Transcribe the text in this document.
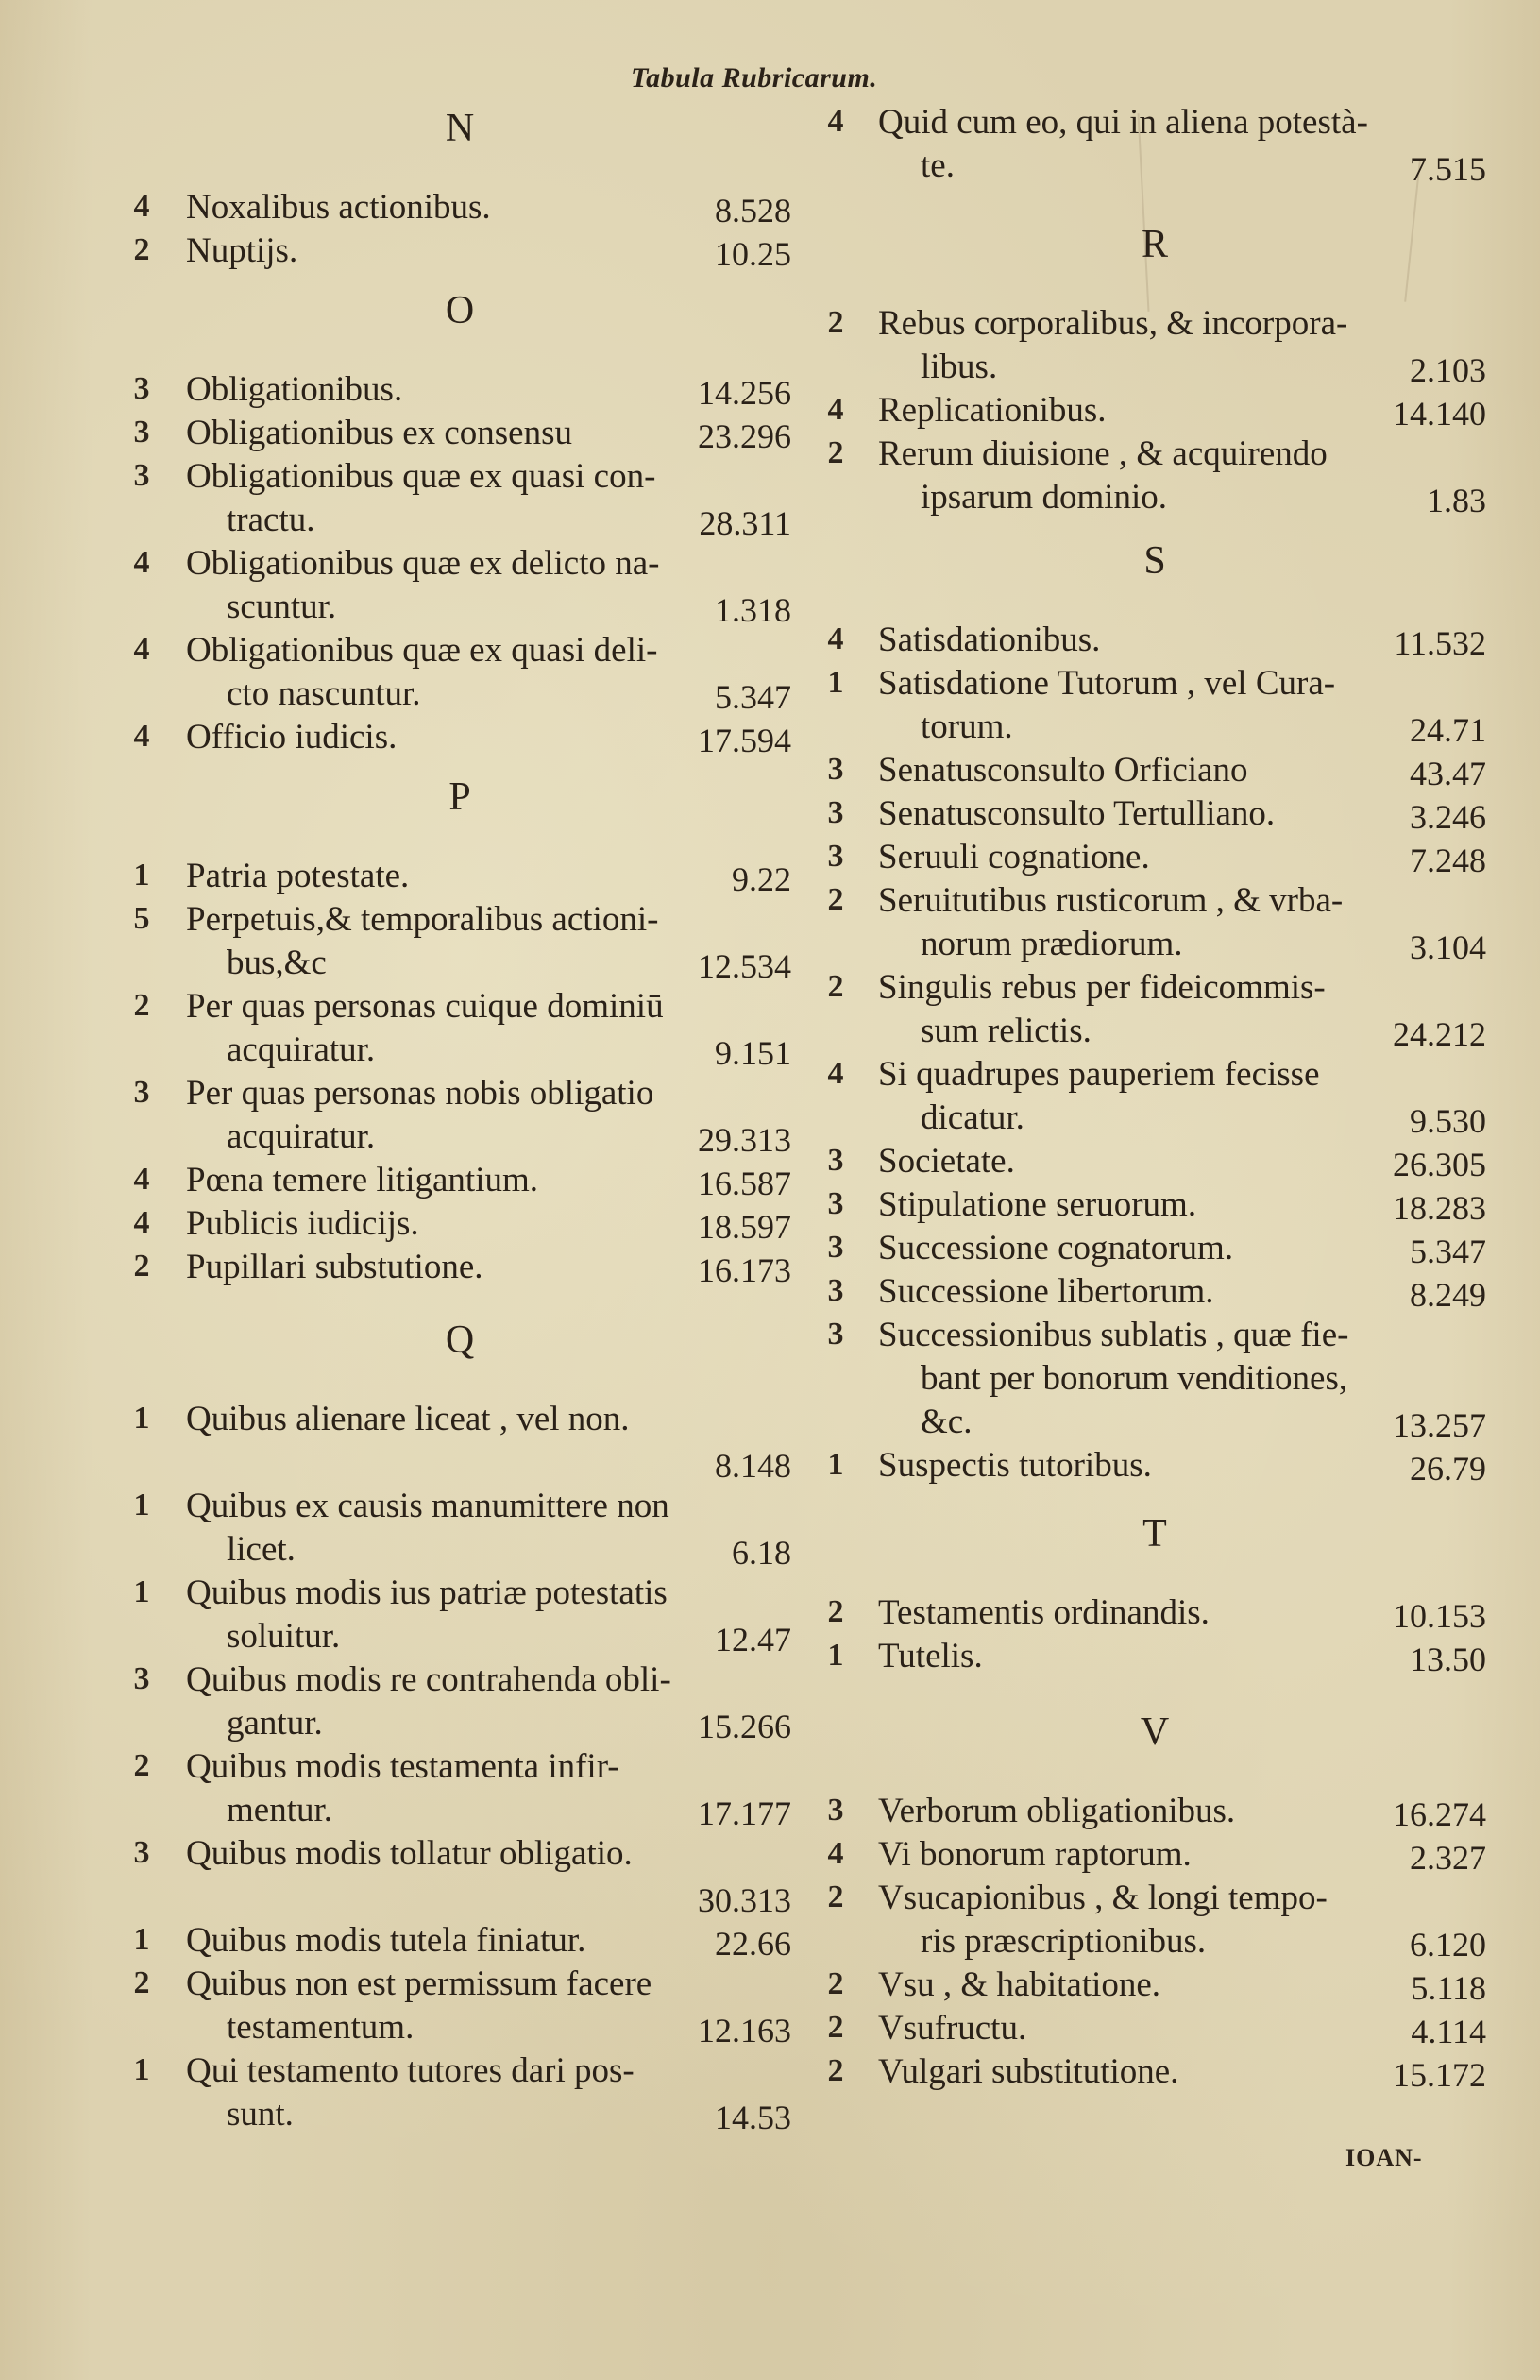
Tabula Rubricarum.
N
4 Noxalibus actionibus.	8.528
2 Nuptijs.	10.25
O
3 Obligationibus.	14.256
3 Obligationibus ex consensu	23.296
3 Obligationibus quæ ex quasi con-
tractu.	28.311
4 Obligationibus quæ ex delicto na-
scuntur.	1.318
4 Obligationibus quæ ex quasi deli-
cto nascuntur.	5.347
4 Officio iudicis.	17.594
P
1 Patria potestate.	9.22
5 Perpetuis,& temporalibus actioni-
bus,&c	12.534
2 Per quas personas cuique dominiū
acquiratur.	9.151
3 Per quas personas nobis obligatio
acquiratur.	29.313
4 Pœna temere litigantium.	16.587
4 Publicis iudicijs.	18.597
2 Pupillari substutione.	16.173
Q
1 Quibus alienare liceat , vel non.
8.148
1 Quibus ex causis manumittere non
licet.	6.18
1 Quibus modis ius patriæ potestatis
soluitur.	12.47
3 Quibus modis re contrahenda obli-
gantur.	15.266
2 Quibus modis testamenta infir-
mentur.	17.177
3 Quibus modis tollatur obligatio.
30.313
1 Quibus modis tutela finiatur.	22.66
2 Quibus non est permissum facere
testamentum.	12.163
1 Qui testamento tutores dari pos-
sunt.	14.53
4 Quid cum eo, qui in aliena potestà-
te.	7.515
R
2 Rebus corporalibus, & incorpora-
libus.	2.103
4 Replicationibus.	14.140
2 Rerum diuisione , & acquirendo
ipsarum dominio.	1.83
S
4 Satisdationibus.	11.532
1 Satisdatione Tutorum , vel Cura-
torum.	24.71
3 Senatusconsulto Orficiano	43.47
3 Senatusconsulto Tertulliano.	3.246
3 Seruuli cognatione.	7.248
2 Seruitutibus rusticorum , & vrba-
norum prædiorum.	3.104
2 Singulis rebus per fideicommis-
sum relictis.	24.212
4 Si quadrupes pauperiem fecisse
dicatur.	9.530
3 Societate.	26.305
3 Stipulatione seruorum.	18.283
3 Successione cognatorum.	5.347
3 Successione libertorum.	8.249
3 Successionibus sublatis , quæ fie-
bant per bonorum venditiones,
&c.	13.257
1 Suspectis tutoribus.	26.79
T
2 Testamentis ordinandis.	10.153
1 Tutelis.	13.50
V
3 Verborum obligationibus.	16.274
4 Vi bonorum raptorum.	2.327
2 Vsucapionibus , & longi tempo-
ris præscriptionibus.	6.120
2 Vsu , & habitatione.	5.118
2 Vsufructu.	4.114
2 Vulgari substitutione.	15.172
IOAN-
